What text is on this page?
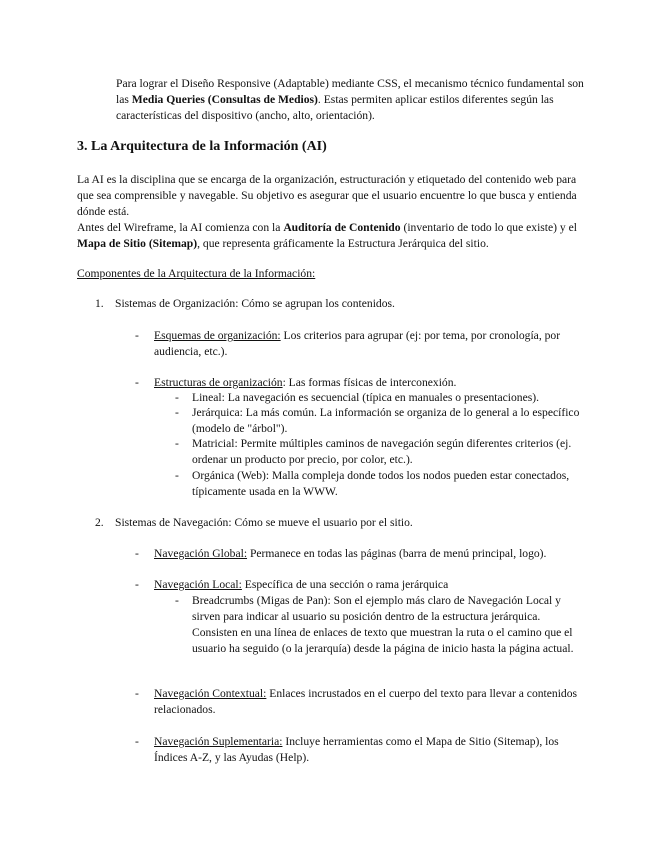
Para lograr el Diseño Responsive (Adaptable) mediante CSS, el mecanismo técnico fundamental son las Media Queries (Consultas de Medios). Estas permiten aplicar estilos diferentes según las características del dispositivo (ancho, alto, orientación).

3. La Arquitectura de la Información (AI)

La AI es la disciplina que se encarga de la organización, estructuración y etiquetado del contenido web para que sea comprensible y navegable. Su objetivo es asegurar que el usuario encuentre lo que busca y entienda dónde está.

Antes del Wireframe, la AI comienza con la Auditoría de Contenido (inventario de todo lo que existe) y el Mapa de Sitio (Sitemap), que representa gráficamente la Estructura Jerárquica del sitio.

Componentes de la Arquitectura de la Información:
1. Sistemas de Organización: Cómo se agrupan los contenidos.
- Esquemas de organización: Los criterios para agrupar (ej: por tema, por cronología, por audiencia, etc.).
- Estructuras de organización: Las formas físicas de interconexión.
- Lineal: La navegación es secuencial (típica en manuales o presentaciones).
- Jerárquica: La más común. La información se organiza de lo general a lo específico (modelo de "árbol").
- Matricial: Permite múltiples caminos de navegación según diferentes criterios (ej. ordenar un producto por precio, por color, etc.).
- Orgánica (Web): Malla compleja donde todos los nodos pueden estar conectados, típicamente usada en la WWW.
2. Sistemas de Navegación: Cómo se mueve el usuario por el sitio.
- Navegación Global: Permanece en todas las páginas (barra de menú principal, logo).
- Navegación Local: Específica de una sección o rama jerárquica
- Breadcrumbs (Migas de Pan): Son el ejemplo más claro de Navegación Local y sirven para indicar al usuario su posición dentro de la estructura jerárquica. Consisten en una línea de enlaces de texto que muestran la ruta o el camino que el usuario ha seguido (o la jerarquía) desde la página de inicio hasta la página actual.
- Navegación Contextual: Enlaces incrustados en el cuerpo del texto para llevar a contenidos relacionados.
- Navegación Suplementaria: Incluye herramientas como el Mapa de Sitio (Sitemap), los Índices A-Z, y las Ayudas (Help).
